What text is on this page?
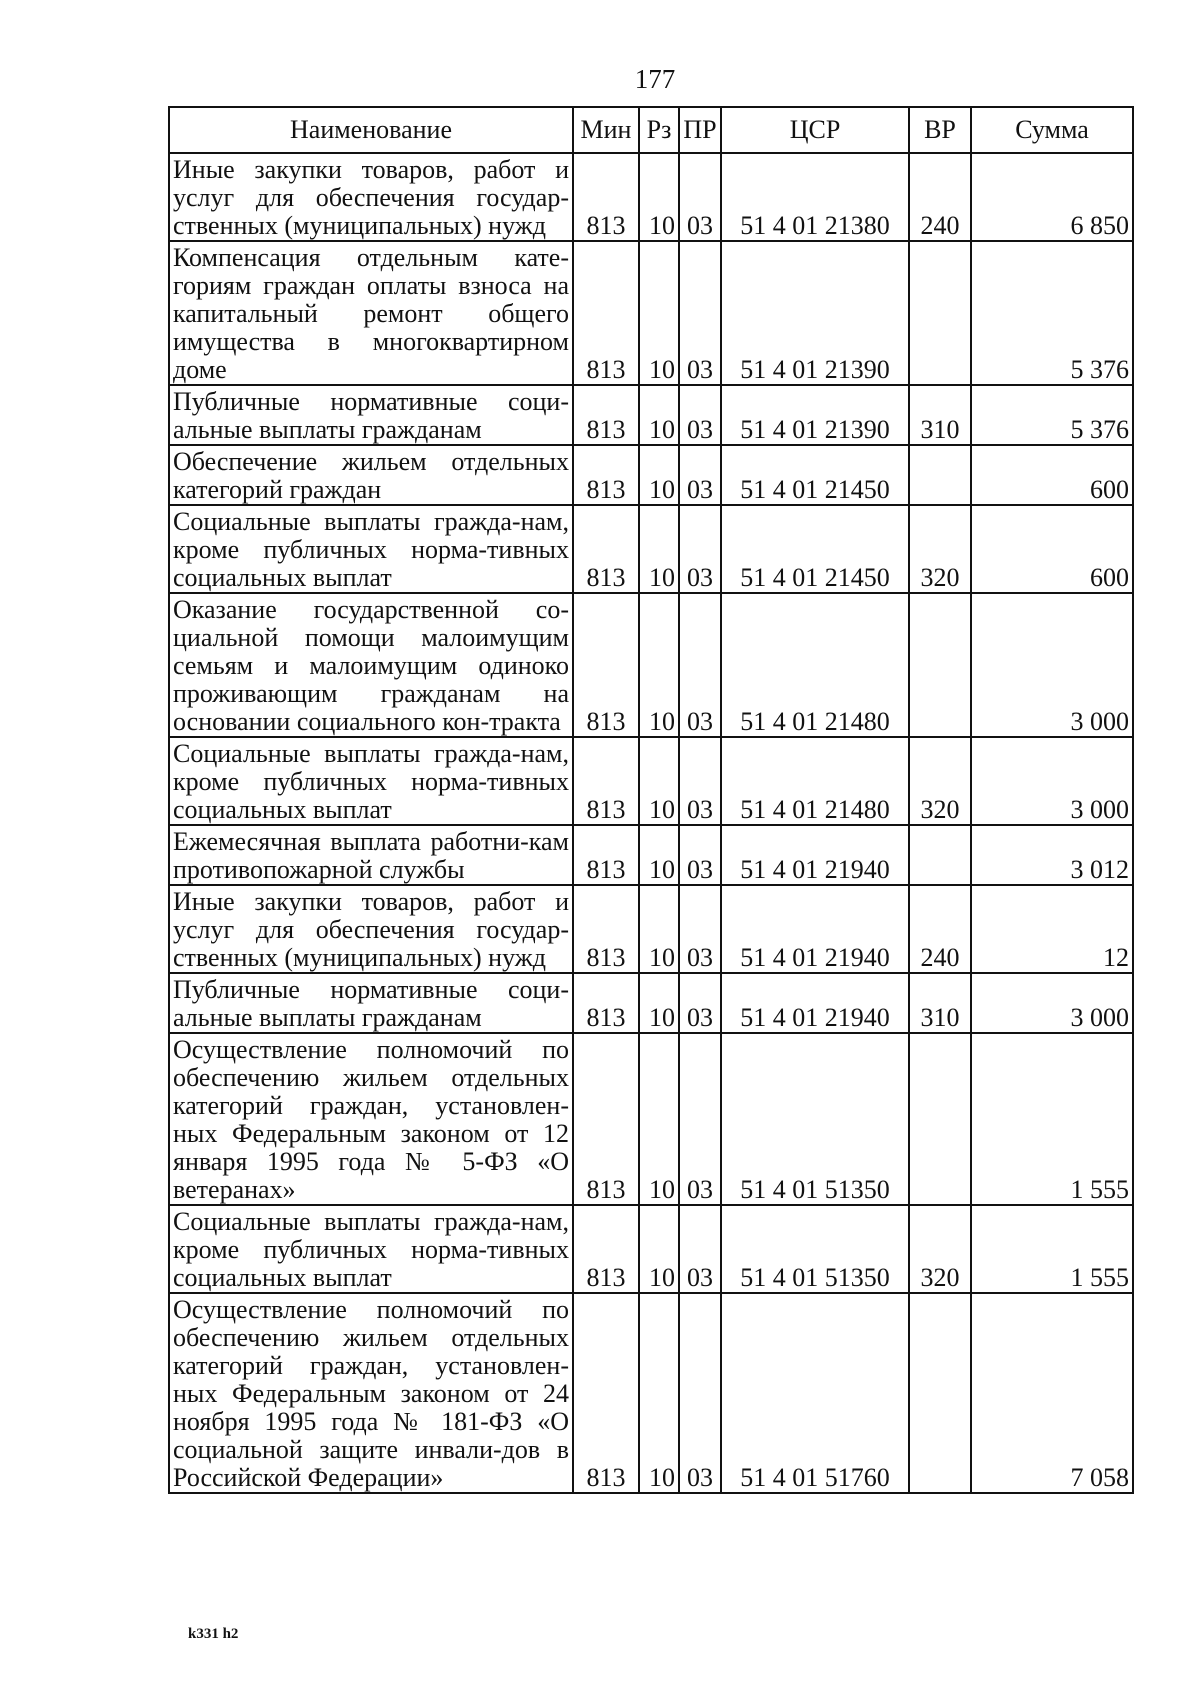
177
Наименование	Мин	Рз	ПР	ЦСР	ВР	Сумма
Иные закупки товаров, работ и услуг для обеспечения государ-ственных (муниципальных) нужд	813	10	03	51 4 01 21380	240	6 850
Компенсация отдельным кате-гориям граждан оплаты взноса на капитальный ремонт общего имущества в многоквартирном доме	813	10	03	51 4 01 21390		5 376
Публичные нормативные соци-альные выплаты гражданам	813	10	03	51 4 01 21390	310	5 376
Обеспечение жильем отдельных категорий граждан	813	10	03	51 4 01 21450		600
Социальные выплаты гражда-нам, кроме публичных норма-тивных социальных выплат	813	10	03	51 4 01 21450	320	600
Оказание государственной со-циальной помощи малоимущим семьям и малоимущим одиноко проживающим гражданам на основании социального кон-тракта	813	10	03	51 4 01 21480		3 000
Социальные выплаты гражда-нам, кроме публичных норма-тивных социальных выплат	813	10	03	51 4 01 21480	320	3 000
Ежемесячная выплата работни-кам противопожарной службы	813	10	03	51 4 01 21940		3 012
Иные закупки товаров, работ и услуг для обеспечения государ-ственных (муниципальных) нужд	813	10	03	51 4 01 21940	240	12
Публичные нормативные соци-альные выплаты гражданам	813	10	03	51 4 01 21940	310	3 000
Осуществление полномочий по обеспечению жильем отдельных категорий граждан, установлен-ных Федеральным законом от 12 января 1995 года № 5-ФЗ «О ветеранах»	813	10	03	51 4 01 51350		1 555
Социальные выплаты гражда-нам, кроме публичных норма-тивных социальных выплат	813	10	03	51 4 01 51350	320	1 555
Осуществление полномочий по обеспечению жильем отдельных категорий граждан, установлен-ных Федеральным законом от 24 ноября 1995 года № 181-ФЗ «О социальной защите инвали-дов в Российской Федерации»	813	10	03	51 4 01 51760		7 058
k331 h2
